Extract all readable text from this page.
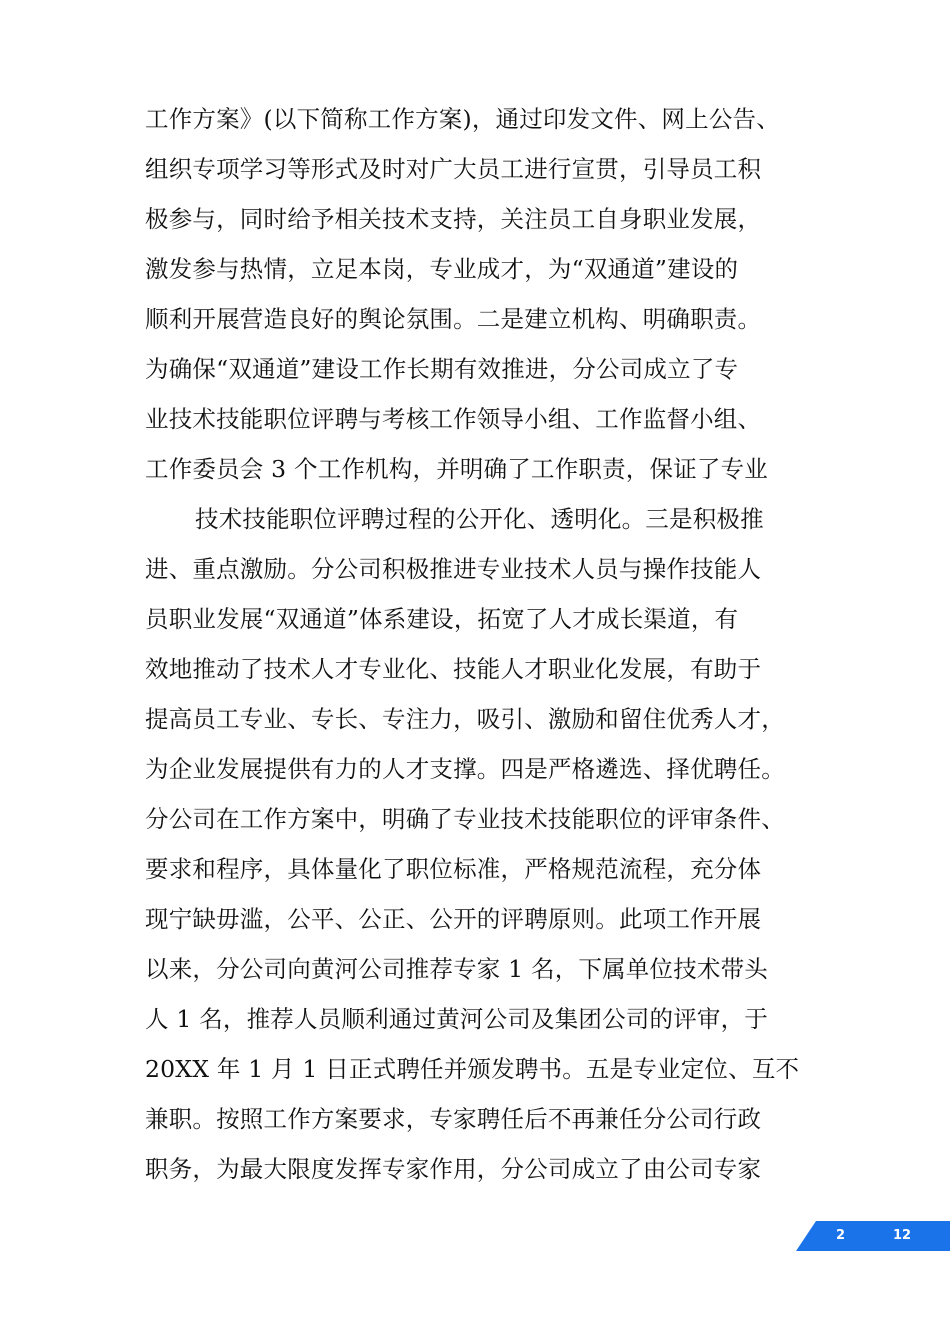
工作方案》(以下简称工作方案)，通过印发文件、网上公告、
组织专项学习等形式及时对广大员工进行宣贯，引导员工积
极参与，同时给予相关技术支持，关注员工自身职业发展，
激发参与热情，立足本岗，专业成才，为“双通道”建设的
顺利开展营造良好的舆论氛围。二是建立机构、明确职责。
为确保“双通道”建设工作长期有效推进，分公司成立了专
业技术技能职位评聘与考核工作领导小组、工作监督小组、
工作委员会 3 个工作机构，并明确了工作职责，保证了专业
技术技能职位评聘过程的公开化、透明化。三是积极推
进、重点激励。分公司积极推进专业技术人员与操作技能人
员职业发展“双通道”体系建设，拓宽了人才成长渠道，有
效地推动了技术人才专业化、技能人才职业化发展，有助于
提高员工专业、专长、专注力，吸引、激励和留住优秀人才，
为企业发展提供有力的人才支撑。四是严格遴选、择优聘任。
分公司在工作方案中，明确了专业技术技能职位的评审条件、
要求和程序，具体量化了职位标准，严格规范流程，充分体
现宁缺毋滥，公平、公正、公开的评聘原则。此项工作开展
以来，分公司向黄河公司推荐专家 1 名，下属单位技术带头
人 1 名，推荐人员顺利通过黄河公司及集团公司的评审，于
20XX 年 1 月 1 日正式聘任并颁发聘书。五是专业定位、互不
兼职。按照工作方案要求，专家聘任后不再兼任分公司行政
职务，为最大限度发挥专家作用，分公司成立了由公司专家
2	12
